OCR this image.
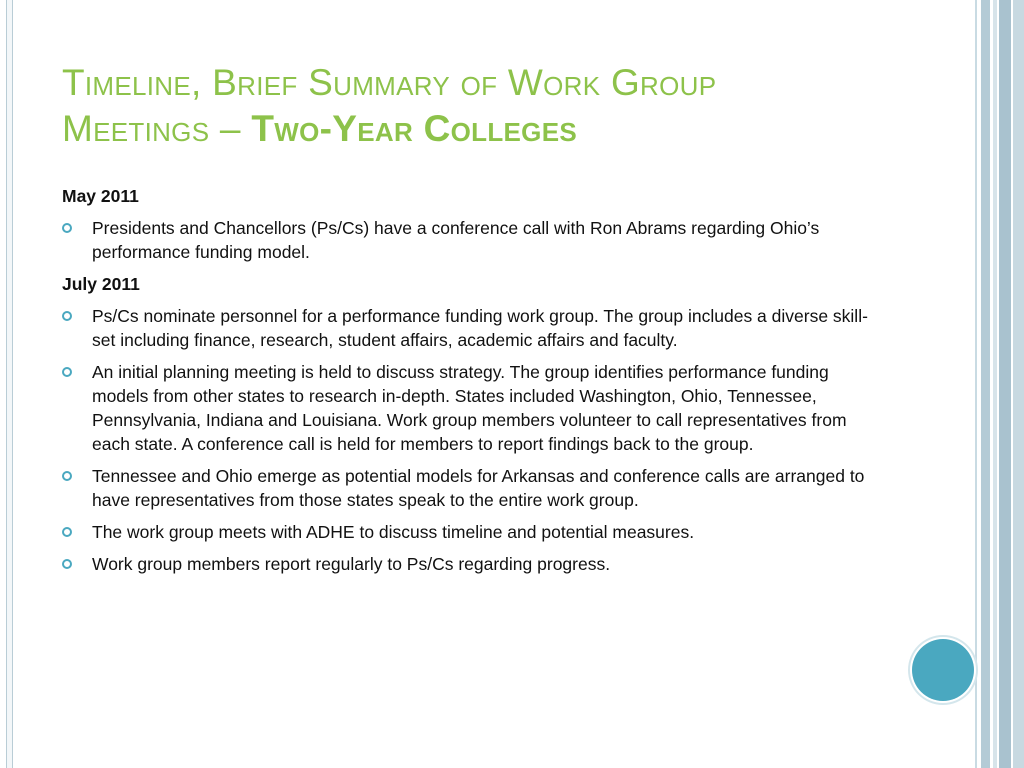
Timeline, Brief Summary of Work Group
Meetings – Two-Year Colleges
May 2011
Presidents and Chancellors (Ps/Cs) have a conference call with Ron Abrams regarding Ohio’s performance funding model.
July 2011
Ps/Cs nominate personnel for a performance funding work group. The group includes a diverse skill-set including finance, research, student affairs, academic affairs and faculty.
An initial planning meeting is held to discuss strategy. The group identifies performance funding models from other states to research in-depth. States included Washington, Ohio, Tennessee, Pennsylvania, Indiana and Louisiana. Work group members volunteer to call representatives from each state. A conference call is held for members to report findings back to the group.
Tennessee and Ohio emerge as potential models for Arkansas and conference calls are arranged to have representatives from those states speak to the entire work group.
The work group meets with ADHE to discuss timeline and potential measures.
Work group members report regularly to Ps/Cs regarding progress.
